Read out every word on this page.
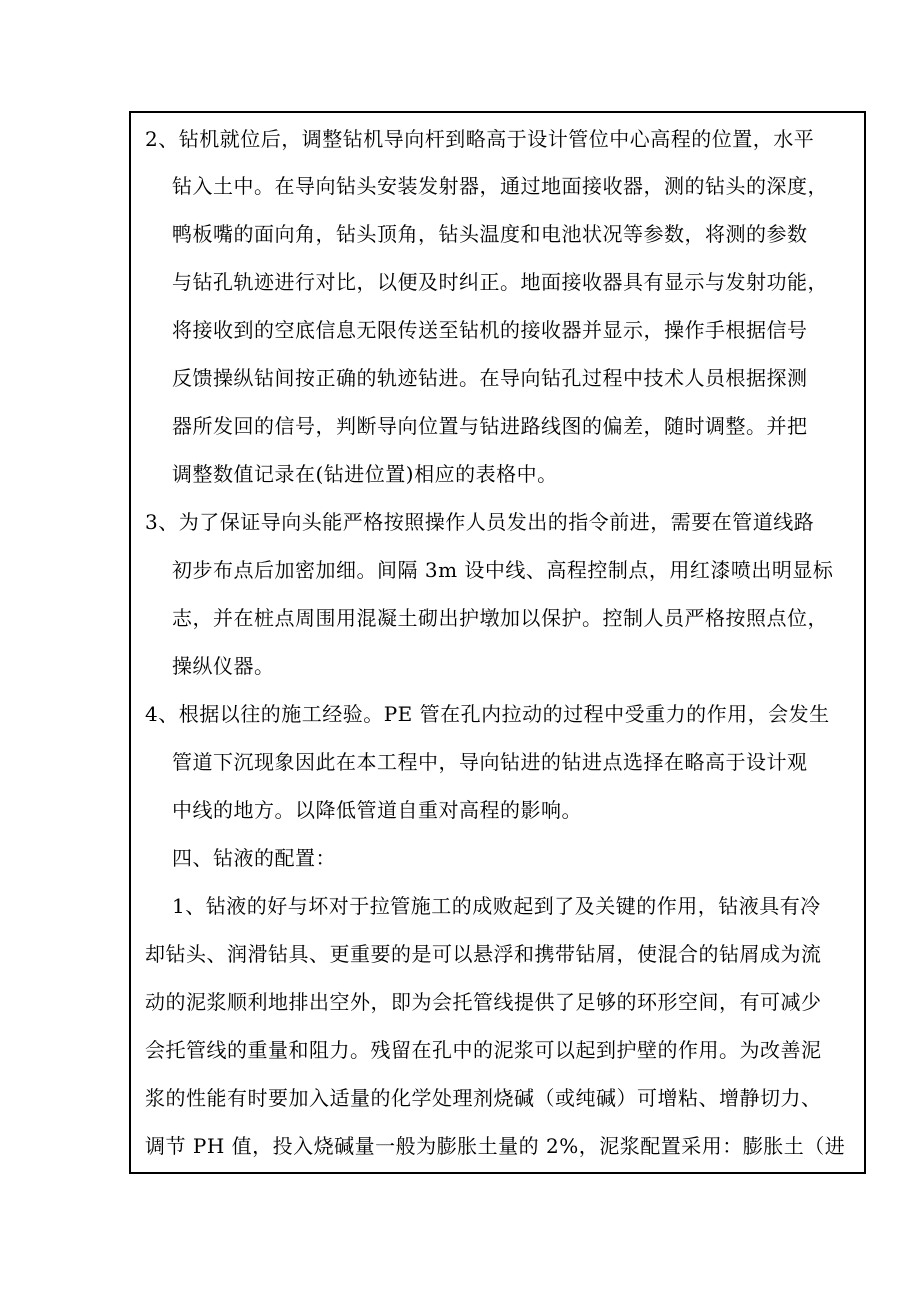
2、钻机就位后，调整钻机导向杆到略高于设计管位中心高程的位置，水平
钻入土中。在导向钻头安装发射器，通过地面接收器，测的钻头的深度，
鸭板嘴的面向角，钻头顶角，钻头温度和电池状况等参数，将测的参数
与钻孔轨迹进行对比，以便及时纠正。地面接收器具有显示与发射功能，
将接收到的空底信息无限传送至钻机的接收器并显示，操作手根据信号
反馈操纵钻间按正确的轨迹钻进。在导向钻孔过程中技术人员根据探测
器所发回的信号，判断导向位置与钻进路线图的偏差，随时调整。并把
调整数值记录在(钻进位置)相应的表格中。
3、为了保证导向头能严格按照操作人员发出的指令前进，需要在管道线路
初步布点后加密加细。间隔 3m 设中线、高程控制点，用红漆喷出明显标
志，并在桩点周围用混凝土砌出护墩加以保护。控制人员严格按照点位，
操纵仪器。
4、根据以往的施工经验。PE 管在孔内拉动的过程中受重力的作用，会发生
管道下沉现象因此在本工程中，导向钻进的钻进点选择在略高于设计观
中线的地方。以降低管道自重对高程的影响。
四、钻液的配置：
1、钻液的好与坏对于拉管施工的成败起到了及关键的作用，钻液具有冷
却钻头、润滑钻具、更重要的是可以悬浮和携带钻屑，使混合的钻屑成为流
动的泥浆顺利地排出空外，即为会托管线提供了足够的环形空间，有可减少
会托管线的重量和阻力。残留在孔中的泥浆可以起到护壁的作用。为改善泥
浆的性能有时要加入适量的化学处理剂烧碱（或纯碱）可增粘、增静切力、
调节 PH 值，投入烧碱量一般为膨胀土量的 2%，泥浆配置采用：膨胀土（进
